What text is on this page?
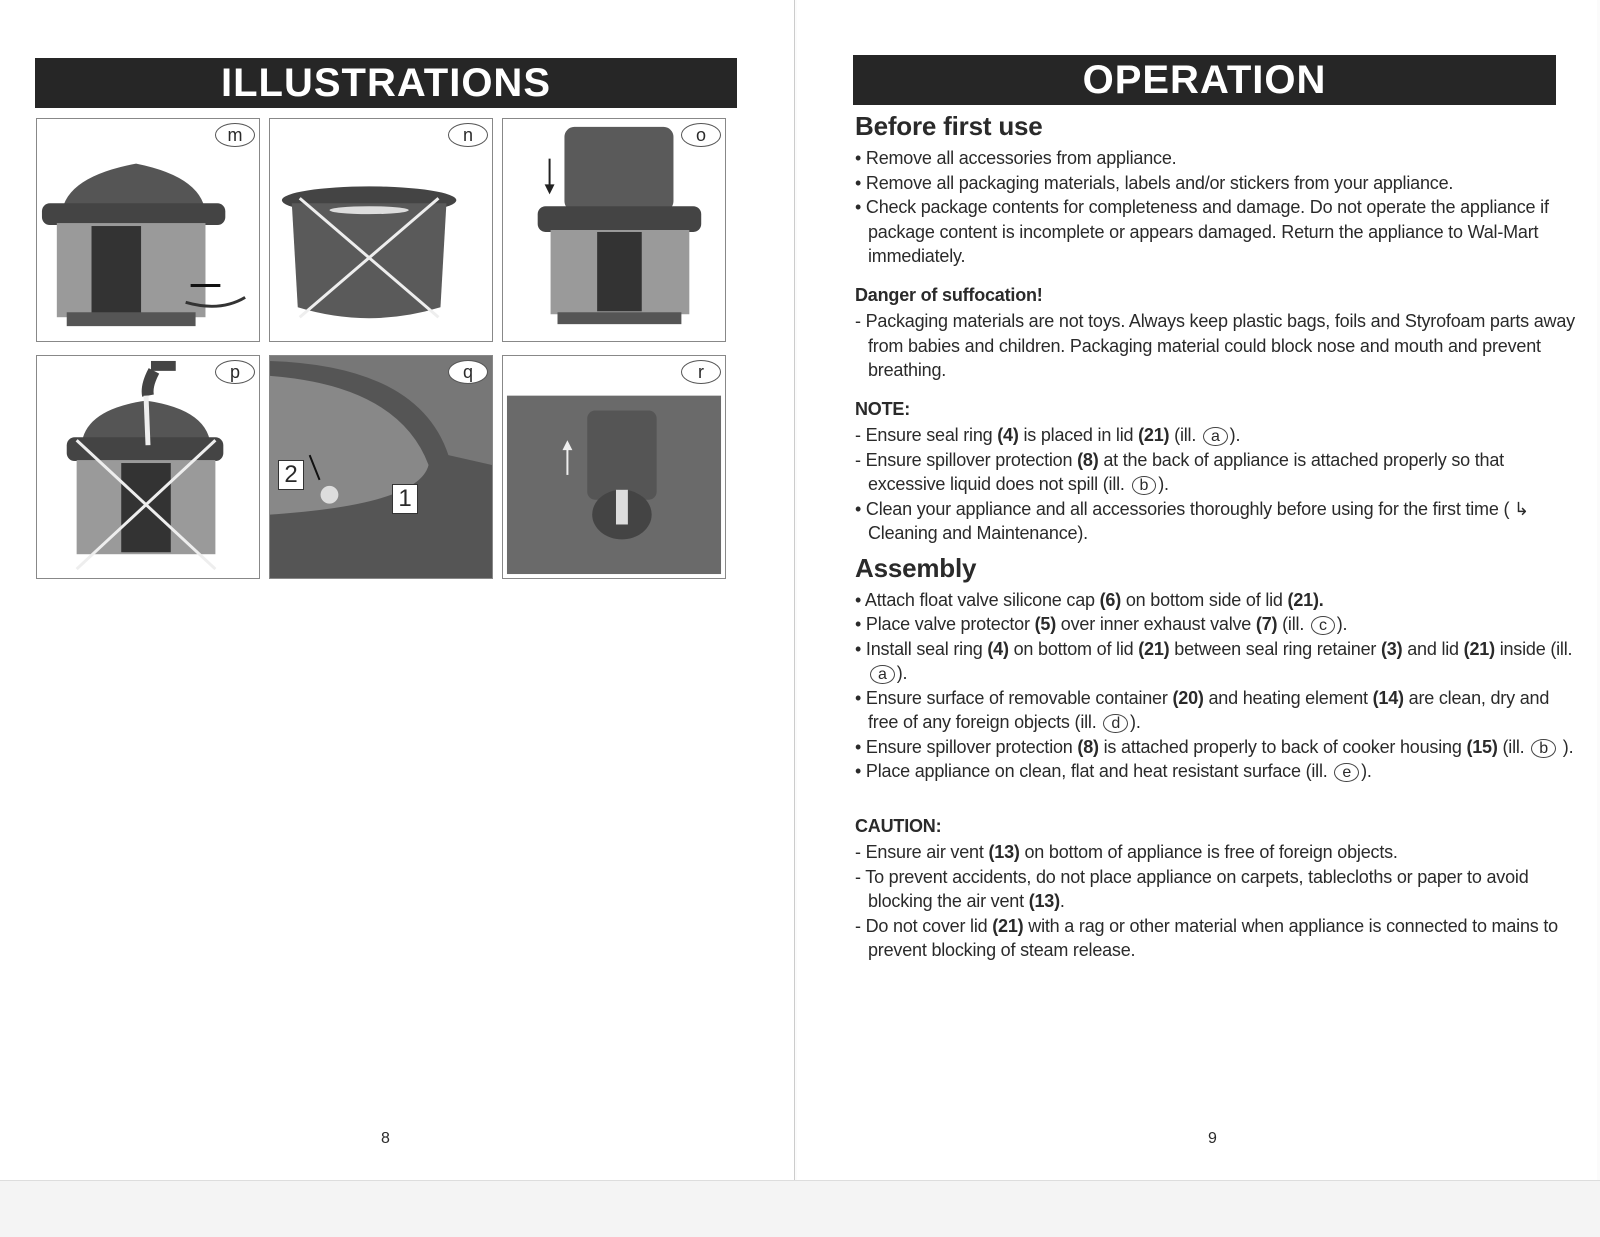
ILLUSTRATIONS
m	n	o
p
2
1
q	r
8
OPERATION
Before first use
• Remove all accessories from appliance.
• Remove all packaging materials, labels and/or stickers from your appliance.
• Check package contents for completeness and damage. Do not operate the appliance if package content is incomplete or appears damaged. Return the appliance to Wal-Mart immediately.
Danger of suffocation!
- Packaging materials are not toys. Always keep plastic bags, foils and Styrofoam parts away from babies and children. Packaging material could block nose and mouth and prevent breathing.
NOTE:
- Ensure seal ring (4) is placed in lid (21) (ill. a ).
- Ensure spillover protection (8) at the back of appliance is attached properly so that excessive liquid does not spill (ill. b ).
• Clean your appliance and all accessories thoroughly before using for the first time ( ↳ Cleaning and Maintenance).
Assembly
• Attach float valve silicone cap (6) on bottom side of lid (21).
• Place valve protector (5) over inner exhaust valve (7) (ill. c ).
• Install seal ring (4) on bottom of lid (21) between seal ring retainer (3) and lid (21) inside (ill. a ).
• Ensure surface of removable container (20) and heating element (14) are clean, dry and free of any foreign objects (ill. d ).
• Ensure spillover protection (8) is attached properly to back of cooker housing (15) (ill. b ).
• Place appliance on clean, flat and heat resistant surface (ill. e ).
CAUTION:
- Ensure air vent (13) on bottom of appliance is free of foreign objects.
- To prevent accidents, do not place appliance on carpets, tablecloths or paper to avoid blocking the air vent (13).
- Do not cover lid (21) with a rag or other material when appliance is connected to mains to prevent blocking of steam release.
9
